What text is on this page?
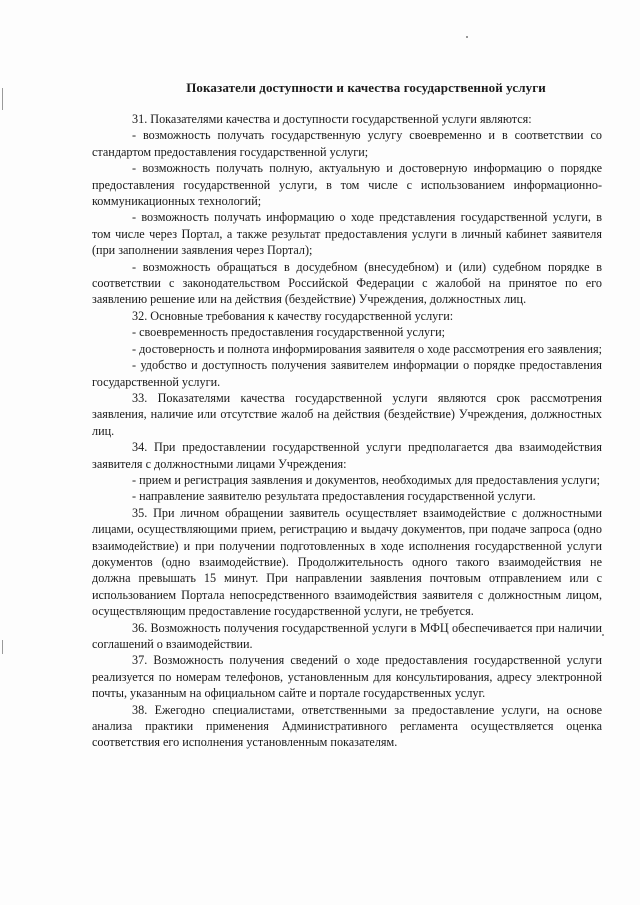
Показатели доступности и качества государственной услуги

31. Показателями качества и доступности государственной услуги являются:

- возможность получать государственную услугу своевременно и в соответствии со стандартом предоставления государственной услуги;

- возможность получать полную, актуальную и достоверную информацию о порядке предоставления государственной услуги, в том числе с использованием информационно-коммуникационных технологий;

- возможность получать информацию о ходе представления государственной услуги, в том числе через Портал, а также результат предоставления услуги в личный кабинет заявителя (при заполнении заявления через Портал);

- возможность обращаться в досудебном (внесудебном) и (или) судебном порядке в соответствии с законодательством Российской Федерации с жалобой на принятое по его заявлению решение или на действия (бездействие) Учреждения, должностных лиц.

32. Основные требования к качеству государственной услуги:

- своевременность предоставления государственной услуги;

- достоверность и полнота информирования заявителя о ходе рассмотрения его заявления;

- удобство и доступность получения заявителем информации о порядке предоставления государственной услуги.

33. Показателями качества государственной услуги являются срок рассмотрения заявления, наличие или отсутствие жалоб на действия (бездействие) Учреждения, должностных лиц.

34. При предоставлении государственной услуги предполагается два взаимодействия заявителя с должностными лицами Учреждения:

- прием и регистрация заявления и документов, необходимых для предоставления услуги;

- направление заявителю результата предоставления государственной услуги.

35. При личном обращении заявитель осуществляет взаимодействие с должностными лицами, осуществляющими прием, регистрацию и выдачу документов, при подаче запроса (одно взаимодействие) и при получении подготовленных в ходе исполнения государственной услуги документов (одно взаимодействие). Продолжительность одного такого взаимодействия не должна превышать 15 минут. При направлении заявления почтовым отправлением или с использованием Портала непосредственного взаимодействия заявителя с должностным лицом, осуществляющим предоставление государственной услуги, не требуется.

36. Возможность получения государственной услуги в МФЦ обеспечивается при наличии соглашений о взаимодействии.

37. Возможность получения сведений о ходе предоставления государственной услуги реализуется по номерам телефонов, установленным для консультирования, адресу электронной почты, указанным на официальном сайте и портале государственных услуг.

38. Ежегодно специалистами, ответственными за предоставление услуги, на основе анализа практики применения Административного регламента осуществляется оценка соответствия его исполнения установленным показателям.
